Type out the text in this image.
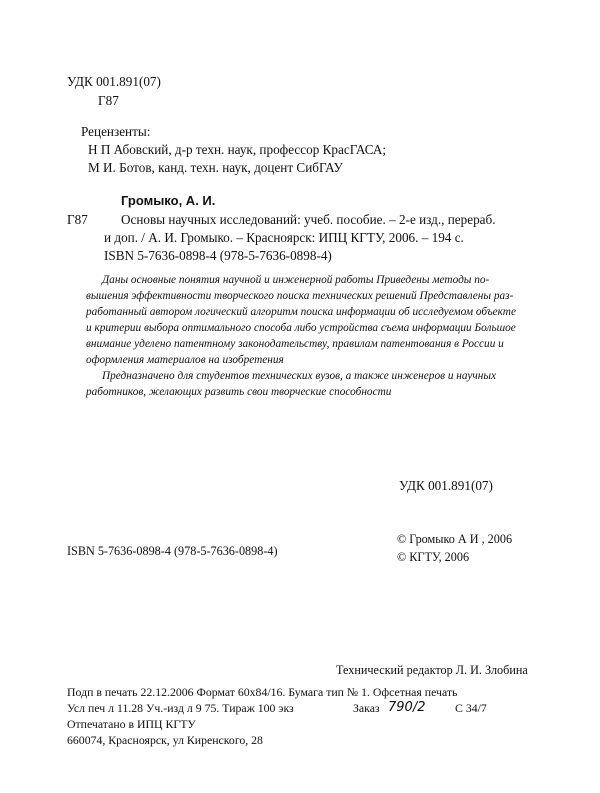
УДК 001.891(07)
Г87
Рецензенты:
Н П Абовский, д-р техн. наук, профессор КрасГАСА;
М И. Ботов, канд. техн. наук, доцент СибГАУ
Громыко, А. И.
Г87	Основы научных исследований: учеб. пособие. – 2-е изд., перераб.
и доп. / А. И. Громыко. – Красноярск: ИПЦ КГТУ, 2006. – 194 с.
ISBN 5-7636-0898-4 (978-5-7636-0898-4)
Даны основные понятия научной и инженерной работы Приведены методы по-
вышения эффективности творческого поиска технических решений Представлены раз-
работанный автором логический алгоритм поиска информации об исследуемом объекте
и критерии выбора оптимального способа либо устройства съема информации Большое
внимание уделено патентному законодательству, правилам патентования в России и
оформления материалов на изобретения
Предназначено для студентов технических вузов, а также инженеров и научных
работников, желающих развить свои творческие способности
УДК 001.891(07)
ISBN 5-7636-0898-4 (978-5-7636-0898-4)
© Громыко А И , 2006
© КГТУ, 2006
Технический редактор Л. И. Злобина
Подп в печать 22.12.2006 Формат 60х84/16. Бумага тип № 1. Офсетная печать
Усл печ л 11.28 Уч.-изд л 9 75. Тираж 100 экз	Заказ 790/2	С 34/7
Отпечатано в ИПЦ КГТУ
660074, Красноярск, ул Киренского, 28
